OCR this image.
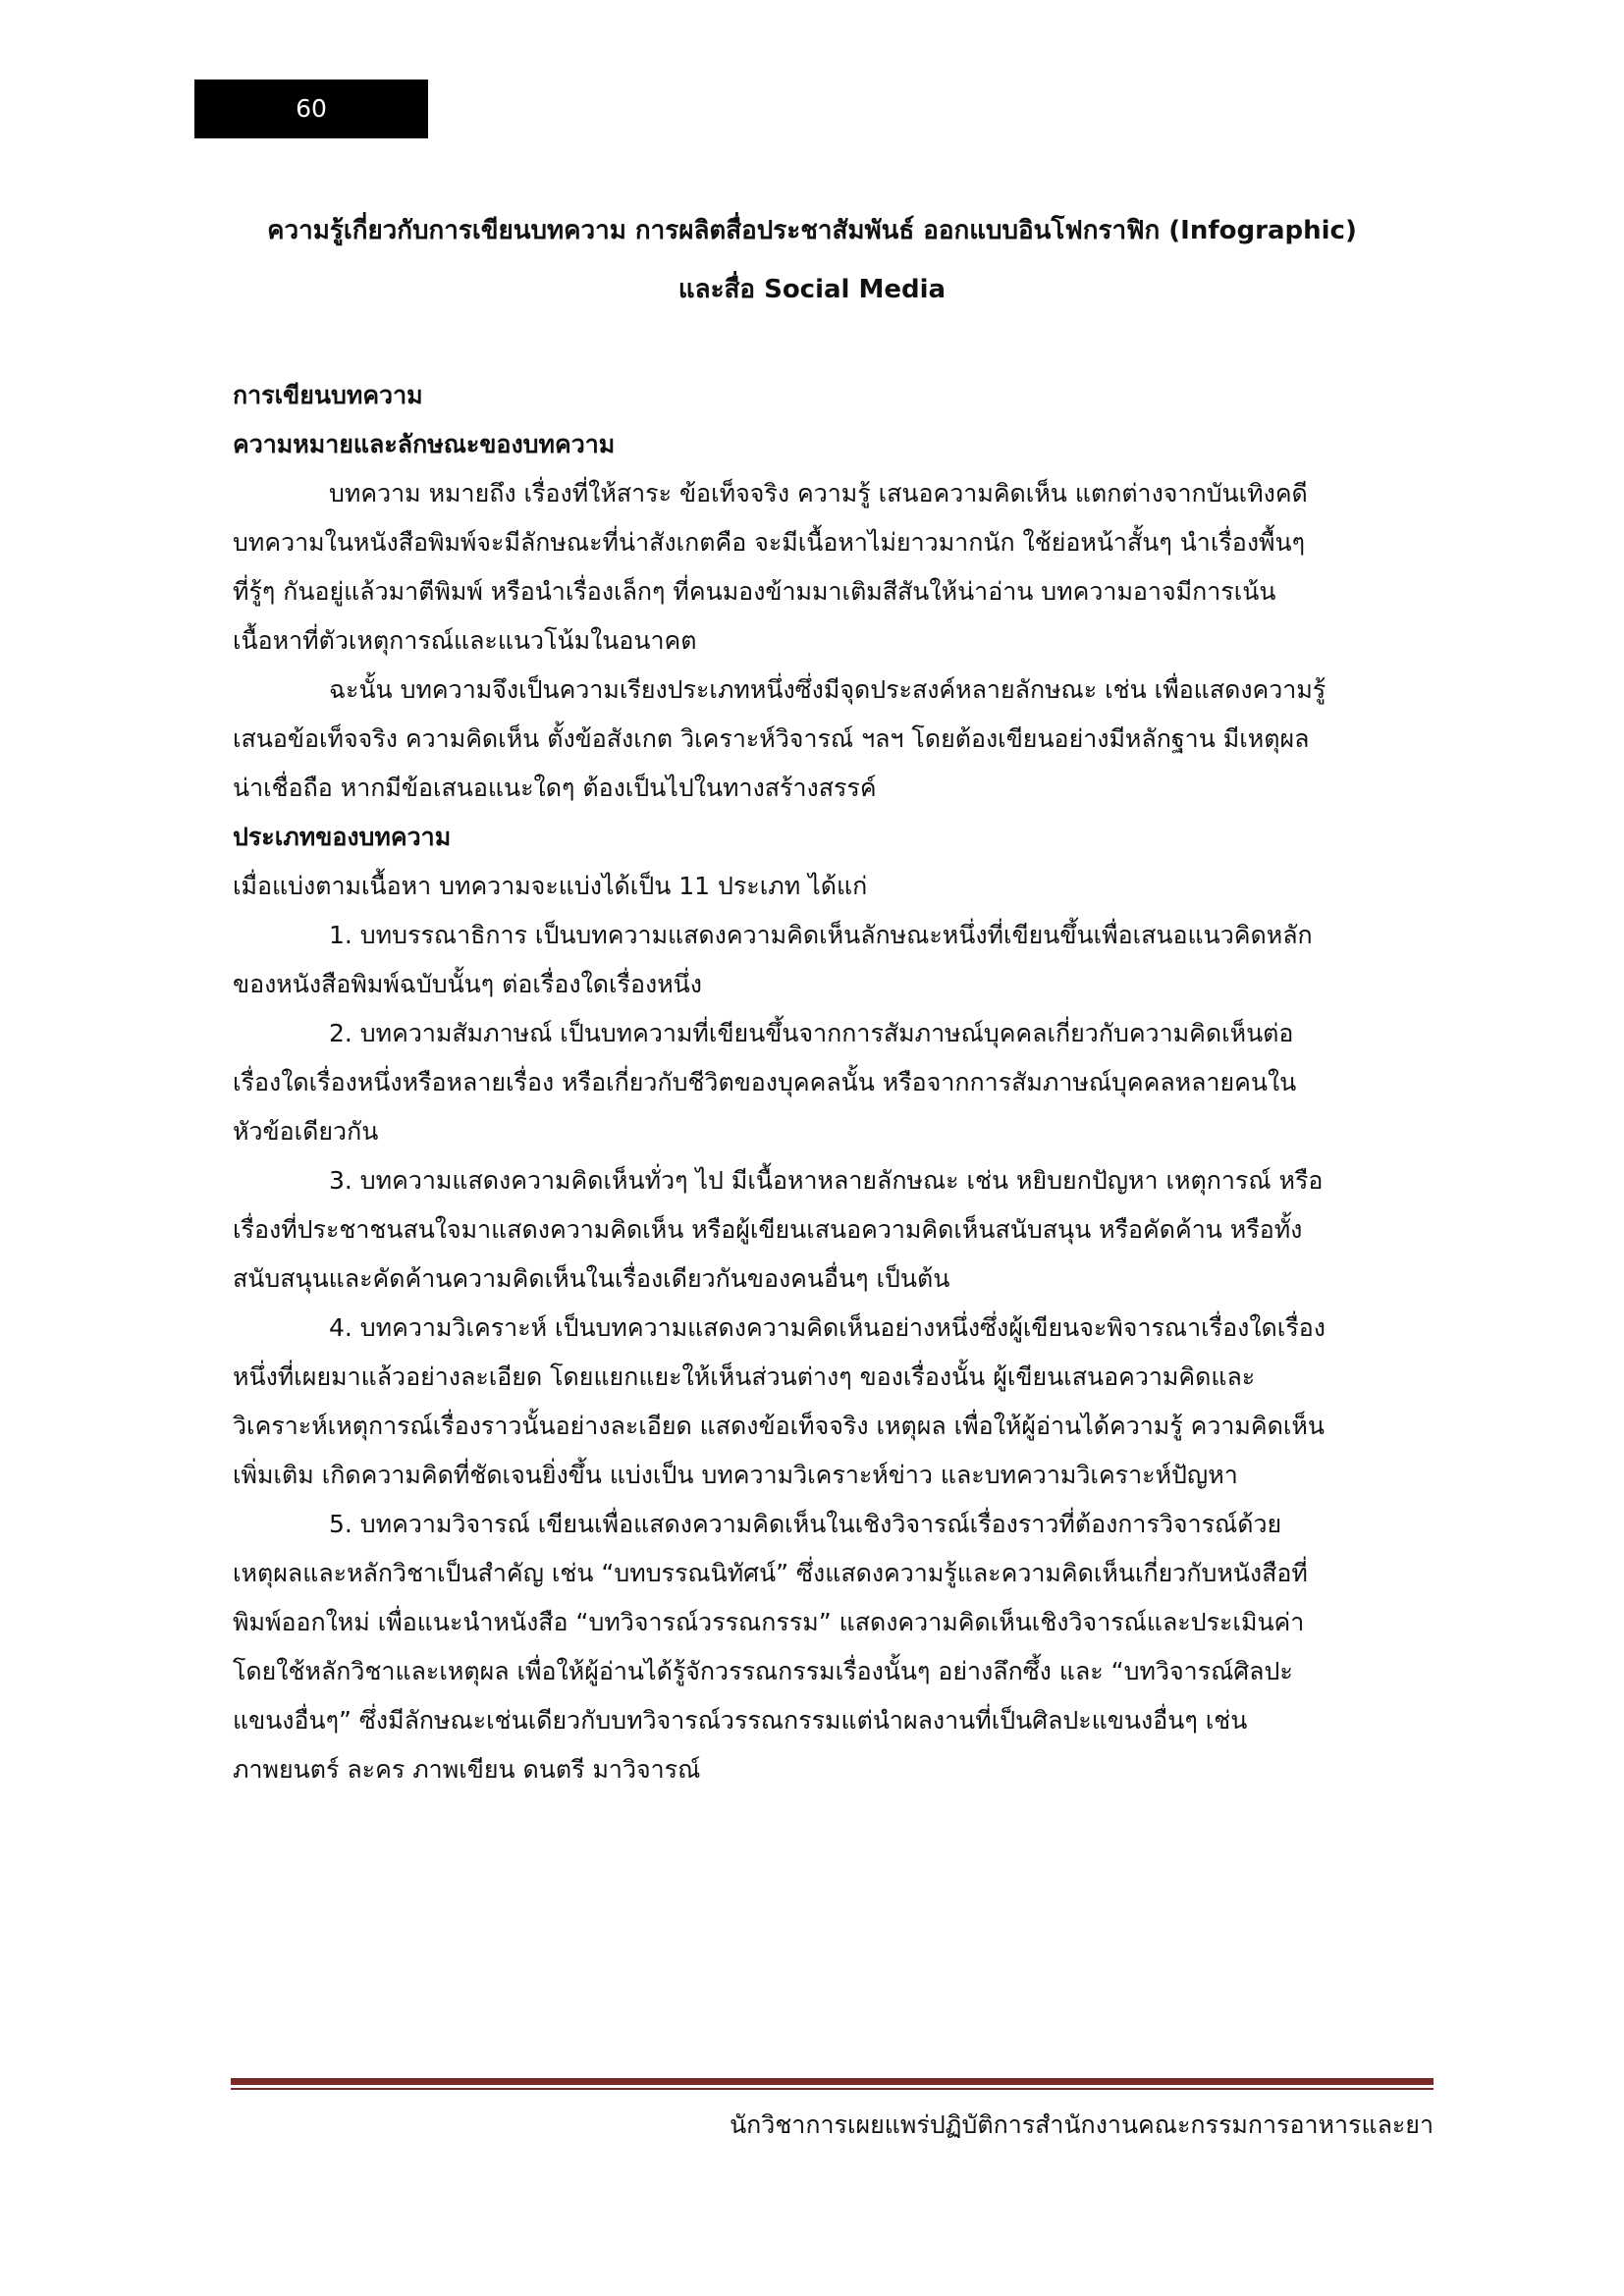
60
ความรู้เกี่ยวกับการเขียนบทความ การผลิตสื่อประชาสัมพันธ์ ออกแบบอินโฟกราฟิก (Infographic)
และสื่อ Social Media
การเขียนบทความ
ความหมายและลักษณะของบทความ
บทความ หมายถึง เรื่องที่ให้สาระ ข้อเท็จจริง ความรู้ เสนอความคิดเห็น แตกต่างจากบันเทิงคดี
บทความในหนังสือพิมพ์จะมีลักษณะที่น่าสังเกตคือ จะมีเนื้อหาไม่ยาวมากนัก ใช้ย่อหน้าสั้นๆ นำเรื่องพื้นๆ
ที่รู้ๆ กันอยู่แล้วมาตีพิมพ์ หรือนำเรื่องเล็กๆ ที่คนมองข้ามมาเติมสีสันให้น่าอ่าน บทความอาจมีการเน้น
เนื้อหาที่ตัวเหตุการณ์และแนวโน้มในอนาคต
ฉะนั้น บทความจึงเป็นความเรียงประเภทหนึ่งซึ่งมีจุดประสงค์หลายลักษณะ เช่น เพื่อแสดงความรู้
เสนอข้อเท็จจริง ความคิดเห็น ตั้งข้อสังเกต วิเคราะห์วิจารณ์ ฯลฯ โดยต้องเขียนอย่างมีหลักฐาน มีเหตุผล
น่าเชื่อถือ หากมีข้อเสนอแนะใดๆ ต้องเป็นไปในทางสร้างสรรค์
ประเภทของบทความ
เมื่อแบ่งตามเนื้อหา บทความจะแบ่งได้เป็น 11 ประเภท ได้แก่
1. บทบรรณาธิการ เป็นบทความแสดงความคิดเห็นลักษณะหนึ่งที่เขียนขึ้นเพื่อเสนอแนวคิดหลัก
ของหนังสือพิมพ์ฉบับนั้นๆ ต่อเรื่องใดเรื่องหนึ่ง
2. บทความสัมภาษณ์ เป็นบทความที่เขียนขึ้นจากการสัมภาษณ์บุคคลเกี่ยวกับความคิดเห็นต่อ
เรื่องใดเรื่องหนึ่งหรือหลายเรื่อง หรือเกี่ยวกับชีวิตของบุคคลนั้น หรือจากการสัมภาษณ์บุคคลหลายคนใน
หัวข้อเดียวกัน
3. บทความแสดงความคิดเห็นทั่วๆ ไป มีเนื้อหาหลายลักษณะ เช่น หยิบยกปัญหา เหตุการณ์ หรือ
เรื่องที่ประชาชนสนใจมาแสดงความคิดเห็น หรือผู้เขียนเสนอความคิดเห็นสนับสนุน หรือคัดค้าน หรือทั้ง
สนับสนุนและคัดค้านความคิดเห็นในเรื่องเดียวกันของคนอื่นๆ เป็นต้น
4. บทความวิเคราะห์ เป็นบทความแสดงความคิดเห็นอย่างหนึ่งซึ่งผู้เขียนจะพิจารณาเรื่องใดเรื่อง
หนึ่งที่เผยมาแล้วอย่างละเอียด โดยแยกแยะให้เห็นส่วนต่างๆ ของเรื่องนั้น ผู้เขียนเสนอความคิดและ
วิเคราะห์เหตุการณ์เรื่องราวนั้นอย่างละเอียด แสดงข้อเท็จจริง เหตุผล เพื่อให้ผู้อ่านได้ความรู้ ความคิดเห็น
เพิ่มเติม เกิดความคิดที่ชัดเจนยิ่งขึ้น แบ่งเป็น บทความวิเคราะห์ข่าว และบทความวิเคราะห์ปัญหา
5. บทความวิจารณ์ เขียนเพื่อแสดงความคิดเห็นในเชิงวิจารณ์เรื่องราวที่ต้องการวิจารณ์ด้วย
เหตุผลและหลักวิชาเป็นสำคัญ เช่น “บทบรรณนิทัศน์” ซึ่งแสดงความรู้และความคิดเห็นเกี่ยวกับหนังสือที่
พิมพ์ออกใหม่ เพื่อแนะนำหนังสือ “บทวิจารณ์วรรณกรรม” แสดงความคิดเห็นเชิงวิจารณ์และประเมินค่า
โดยใช้หลักวิชาและเหตุผล เพื่อให้ผู้อ่านได้รู้จักวรรณกรรมเรื่องนั้นๆ อย่างลึกซึ้ง และ “บทวิจารณ์ศิลปะ
แขนงอื่นๆ” ซึ่งมีลักษณะเช่นเดียวกับบทวิจารณ์วรรณกรรมแต่นำผลงานที่เป็นศิลปะแขนงอื่นๆ เช่น
ภาพยนตร์ ละคร ภาพเขียน ดนตรี มาวิจารณ์
นักวิชาการเผยแพร่ปฏิบัติการสำนักงานคณะกรรมการอาหารและยา
